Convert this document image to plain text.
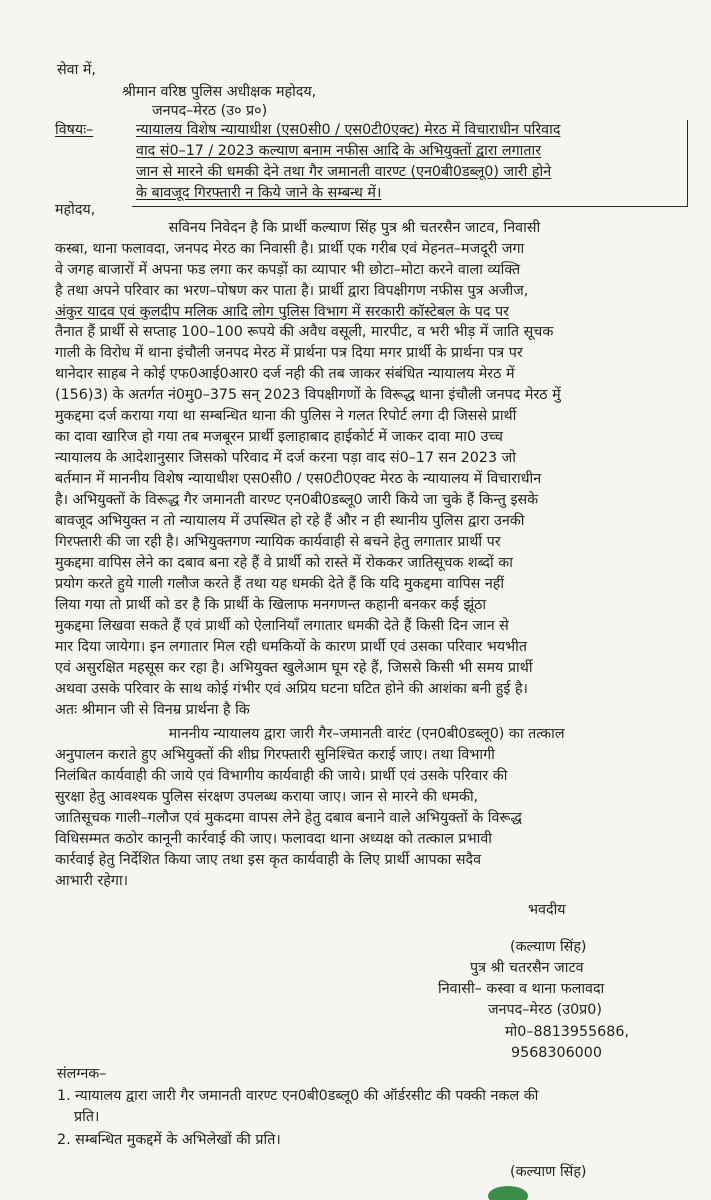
सेवा में,
श्रीमान वरिष्ठ पुलिस अधीक्षक महोदय,
जनपद–मेरठ (उ० प्र०)
विषयः–	न्यायालय विशेष न्यायाधीश (एस0सी0 / एस0टी0एक्ट) मेरठ में विचाराधीन परिवाद
वाद सं0–17 / 2023 कल्याण बनाम नफीस आदि के अभियुक्तों द्वारा लगातार
जान से मारने की धमकी देने तथा गैर जमानती वारण्ट (एन0बी0डब्लू0) जारी होने
के बावजूद गिरफ्तारी न किये जाने के सम्बन्ध में।
महोदय,
सविनय निवेदन है कि प्रार्थी कल्याण सिंह पुत्र श्री चतरसैन जाटव, निवासी
कस्बा, थाना फलावदा, जनपद मेरठ का निवासी है। प्रार्थी एक गरीब एवं मेहनत–मजदूरी जगा
वे जगह बाजारों में अपना फड लगा कर कपड़ों का व्यापार भी छोटा–मोटा करने वाला व्यक्ति
है तथा अपने परिवार का भरण–पोषण कर पाता है। प्रार्थी द्वारा विपक्षीगण नफीस पुत्र अजीज,
अंकुर यादव एवं कुलदीप मलिक आदि लोग पुलिस विभाग में सरकारी कॉस्टेबल के पद पर
तैनात हैं प्रार्थी से सप्ताह 100–100 रूपये की अवैध वसूली, मारपीट, व भरी भीड़ में जाति सूचक
गाली के विरोध में थाना इंचौली जनपद मेरठ में प्रार्थना पत्र दिया मगर प्रार्थी के प्रार्थना पत्र पर
थानेदार साहब ने कोई एफ0आई0आर0 दर्ज नही की तब जाकर संबंधित न्यायालय मेरठ में
(156)3) के अतर्गत नं0मु0–375 सन् 2023 विपक्षीगणों के विरूद्ध थाना इंचौली जनपद मेरठ मुें
मुकद्दमा दर्ज कराया गया था सम्बन्धित थाना की पुलिस ने गलत रिपोर्ट लगा दी जिससे प्रार्थी
का दावा खारिज हो गया तब मजबूरन प्रार्थी इलाहाबाद हाईकोर्ट में जाकर दावा मा0 उच्च
न्यायालय के आदेशानुसार जिसको परिवाद में दर्ज करना पड़ा वाद सं0–17 सन 2023 जो
बर्तमान में माननीय विशेष न्यायाधीश एस0सी0 / एस0टी0एक्ट मेरठ के न्यायालय में विचाराधीन
है। अभियुक्तों के विरूद्ध गैर जमानती वारण्ट एन0बी0डब्लू0 जारी किये जा चुके हैं किन्तु इसके
बावजूद अभियुक्त न तो न्यायालय में उपस्थित हो रहे हैं और न ही स्थानीय पुलिस द्वारा उनकी
गिरफ्तारी की जा रही है। अभियुक्तगण न्यायिक कार्यवाही से बचने हेतु लगातार प्रार्थी पर
मुकद्दमा वापिस लेने का दबाव बना रहे हैं वे प्रार्थी को रास्ते में रोककर जातिसूचक शब्दों का
प्रयोग करते हुये गाली गलौज करते हैं तथा यह धमकी देते हैं कि यदि मुकद्दमा वापिस नहीं
लिया गया तो प्रार्थी को डर है कि प्रार्थी के खिलाफ मनगणन्त कहानी बनकर कई झूंठा
मुकद्दमा लिखवा सकते हैं एवं प्रार्थी को ऐलानियाँ लगातार धमकी देते हैं किसी दिन जान से
मार दिया जायेगा। इन लगातार मिल रही धमकियों के कारण प्रार्थी एवं उसका परिवार भयभीत
एवं असुरक्षित महसूस कर रहा है। अभियुक्त खुलेआम घूम रहे हैं, जिससे किसी भी समय प्रार्थी
अथवा उसके परिवार के साथ कोई गंभीर एवं अप्रिय घटना घटित होने की आशंका बनी हुई है।
अतः श्रीमान जी से विनम्र प्रार्थना है कि
माननीय न्यायालय द्वारा जारी गैर–जमानती वारंट (एन0बी0डब्लू0) का तत्काल
अनुपालन कराते हुए अभियुक्तों की शीघ्र गिरफ्तारी सुनिश्चित कराई जाए। तथा विभागी
निलंबित कार्यवाही की जाये एवं विभागीय कार्यवाही की जाये। प्रार्थी एवं उसके परिवार की
सुरक्षा हेतु आवश्यक पुलिस संरक्षण उपलब्ध कराया जाए। जान से मारने की धमकी,
जातिसूचक गाली–गलौज एवं मुकदमा वापस लेने हेतु दबाव बनाने वाले अभियुक्तों के विरूद्ध
विधिसम्मत कठोर कानूनी कार्रवाई की जाए। फलावदा थाना अध्यक्ष को तत्काल प्रभावी
कार्रवाई हेतु निर्देशित किया जाए तथा इस कृत कार्यवाही के लिए प्रार्थी आपका सदैव
आभारी रहेगा।
भवदीय
(कल्याण सिंह)
पुत्र श्री चतरसैन जाटव
निवासी– कस्वा व थाना फलावदा
जनपद–मेरठ (उ0प्र0)
मो0–8813955686,
9568306000
संलग्नक–
1. न्यायालय द्वारा जारी गैर जमानती वारण्ट एन0बी0डब्लू0 की ऑर्डरसीट की पक्की नकल की
प्रति।
2. सम्बन्धित मुकद्दमें के अभिलेखों की प्रति।
(कल्याण सिंह)
